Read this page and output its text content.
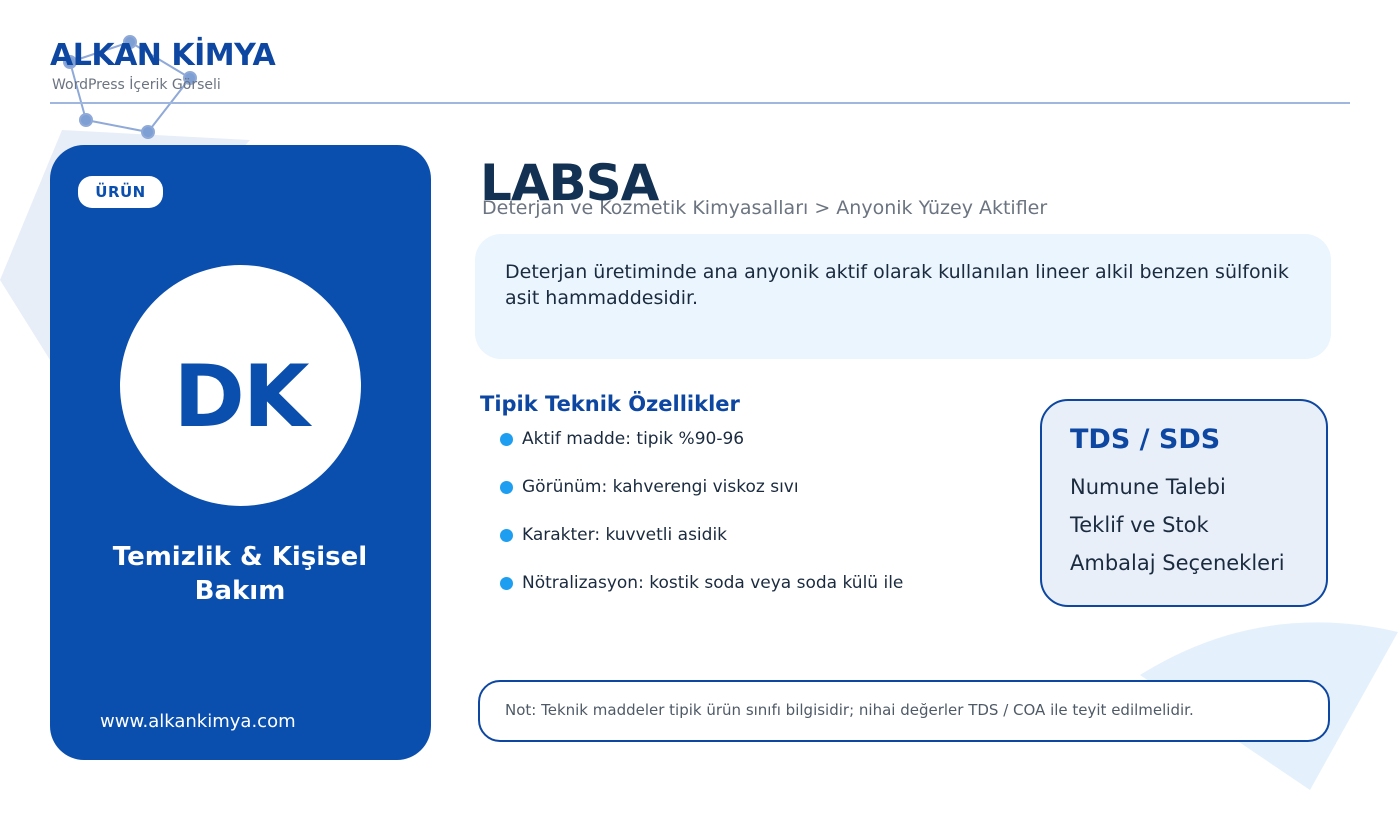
ALKAN KİMYA
WordPress İçerik Görseli
ÜRÜN
DK
Temizlik & Kişisel
Bakım
www.alkankimya.com
LABSA
Deterjan ve Kozmetik Kimyasalları > Anyonik Yüzey Aktifler
Deterjan üretiminde ana anyonik aktif olarak kullanılan lineer alkil benzen sülfonik asit hammaddesidir.
Tipik Teknik Özellikler
Aktif madde: tipik %90-96
Görünüm: kahverengi viskoz sıvı
Karakter: kuvvetli asidik
Nötralizasyon: kostik soda veya soda külü ile
TDS / SDS
Numune Talebi
Teklif ve Stok
Ambalaj Seçenekleri
Not: Teknik maddeler tipik ürün sınıfı bilgisidir; nihai değerler TDS / COA ile teyit edilmelidir.
